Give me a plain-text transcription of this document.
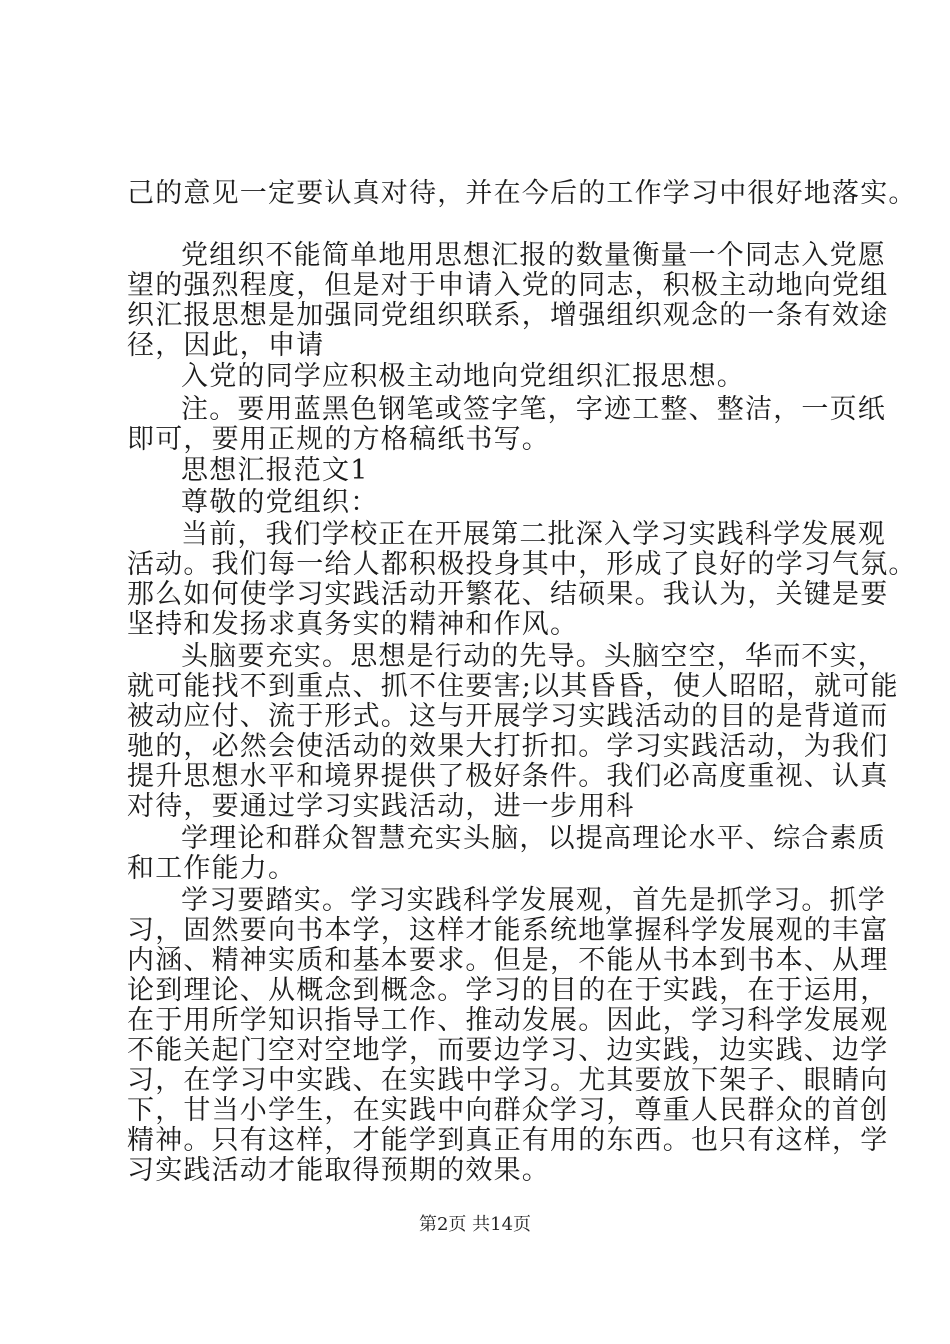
己的意见一定要认真对待，并在今后的工作学习中很好地落实。
党组织不能简单地用思想汇报的数量衡量一个同志入党愿
望的强烈程度，但是对于申请入党的同志，积极主动地向党组
织汇报思想是加强同党组织联系，增强组织观念的一条有效途
径，因此，申请
入党的同学应积极主动地向党组织汇报思想。
注。要用蓝黑色钢笔或签字笔，字迹工整、整洁，一页纸
即可，要用正规的方格稿纸书写。
思想汇报范文1
尊敬的党组织：
当前，我们学校正在开展第二批深入学习实践科学发展观
活动。我们每一给人都积极投身其中，形成了良好的学习气氛。
那么如何使学习实践活动开繁花、结硕果。我认为，关键是要
坚持和发扬求真务实的精神和作风。
头脑要充实。思想是行动的先导。头脑空空，华而不实，
就可能找不到重点、抓不住要害;以其昏昏，使人昭昭，就可能
被动应付、流于形式。这与开展学习实践活动的目的是背道而
驰的，必然会使活动的效果大打折扣。学习实践活动，为我们
提升思想水平和境界提供了极好条件。我们必高度重视、认真
对待，要通过学习实践活动，进一步用科
学理论和群众智慧充实头脑，以提高理论水平、综合素质
和工作能力。
学习要踏实。学习实践科学发展观，首先是抓学习。抓学
习，固然要向书本学，这样才能系统地掌握科学发展观的丰富
内涵、精神实质和基本要求。但是，不能从书本到书本、从理
论到理论、从概念到概念。学习的目的在于实践，在于运用，
在于用所学知识指导工作、推动发展。因此，学习科学发展观
不能关起门空对空地学，而要边学习、边实践，边实践、边学
习，在学习中实践、在实践中学习。尤其要放下架子、眼睛向
下，甘当小学生，在实践中向群众学习，尊重人民群众的首创
精神。只有这样，才能学到真正有用的东西。也只有这样，学
习实践活动才能取得预期的效果。
第2页 共14页
